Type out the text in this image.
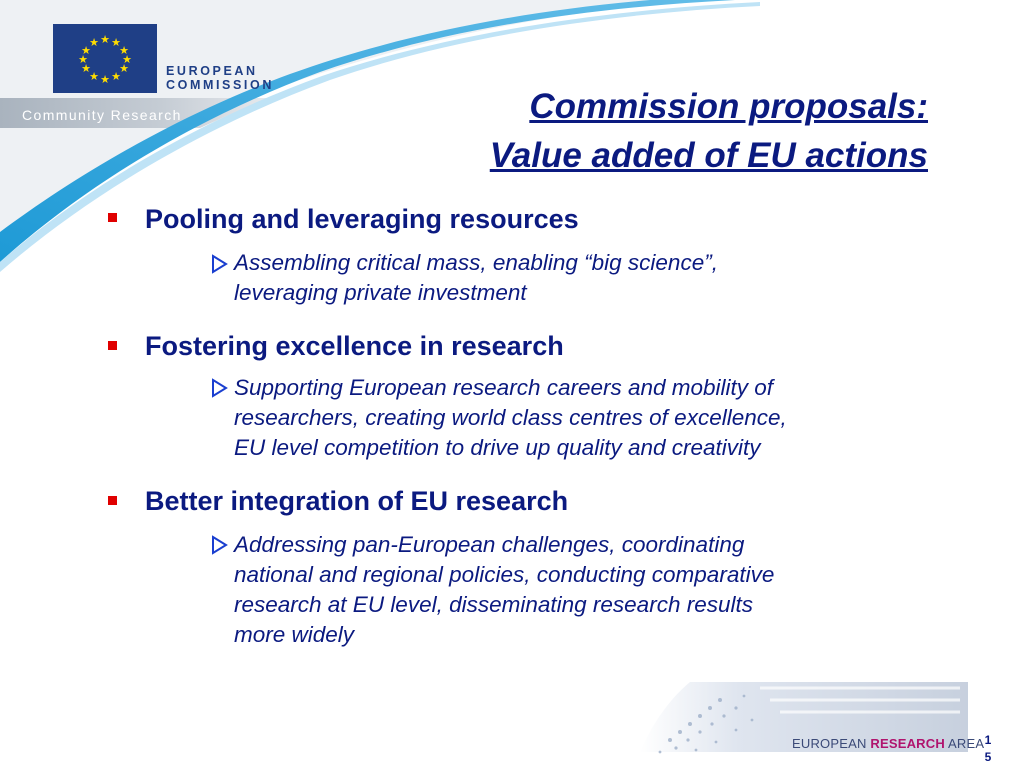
★ ★
★
★
★
★
★
★
★
★
★
★
EUROPEAN
COMMISSION
Community Research	Commission proposals:
Value added of EU actions
Pooling and leveraging resources
Assembling critical mass, enabling “big science”,
leveraging private investment
Fostering excellence in research
Supporting European research careers and mobility of
researchers, creating world class centres of excellence,
EU level competition to drive up quality and creativity
Better integration of EU research
Addressing pan-European challenges, coordinating
national and regional policies, conducting comparative
research at EU level, disseminating research results
more widely
EUROPEAN RESEARCH AREA 1
5
